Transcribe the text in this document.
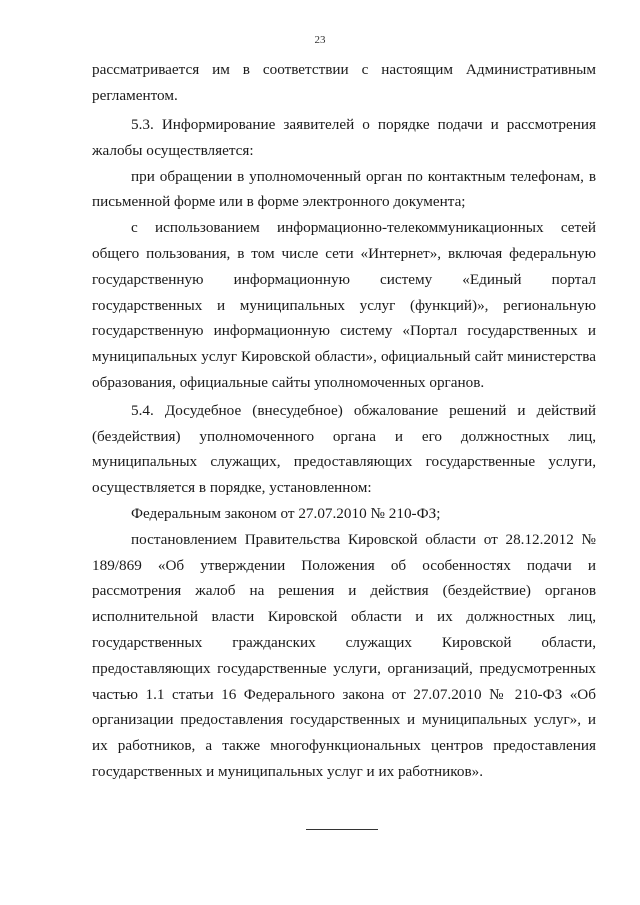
23

рассматривается им в соответствии с настоящим Административным регламентом.

5.3. Информирование заявителей о порядке подачи и рассмотрения жалобы осуществляется:

при обращении в уполномоченный орган по контактным телефонам, в письменной форме или в форме электронного документа;

с использованием информационно-телекоммуникационных сетей общего пользования, в том числе сети «Интернет», включая федеральную государственную информационную систему «Единый портал государственных и муниципальных услуг (функций)», региональную государственную информационную систему «Портал государственных и муниципальных услуг Кировской области», официальный сайт министерства образования, официальные сайты уполномоченных органов.

5.4. Досудебное (внесудебное) обжалование решений и действий (бездействия) уполномоченного органа и его должностных лиц, муниципальных служащих, предоставляющих государственные услуги, осуществляется в порядке, установленном:

Федеральным законом от 27.07.2010 № 210-ФЗ;

постановлением Правительства Кировской области от 28.12.2012 № 189/869 «Об утверждении Положения об особенностях подачи и рассмотрения жалоб на решения и действия (бездействие) органов исполнительной власти Кировской области и их должностных лиц, государственных гражданских служащих Кировской области, предоставляющих государственные услуги, организаций, предусмотренных частью 1.1 статьи 16 Федерального закона от 27.07.2010 № 210-ФЗ «Об организации предоставления государственных и муниципальных услуг», и их работников, а также многофункциональных центров предоставления государственных и муниципальных услуг и их работников».
